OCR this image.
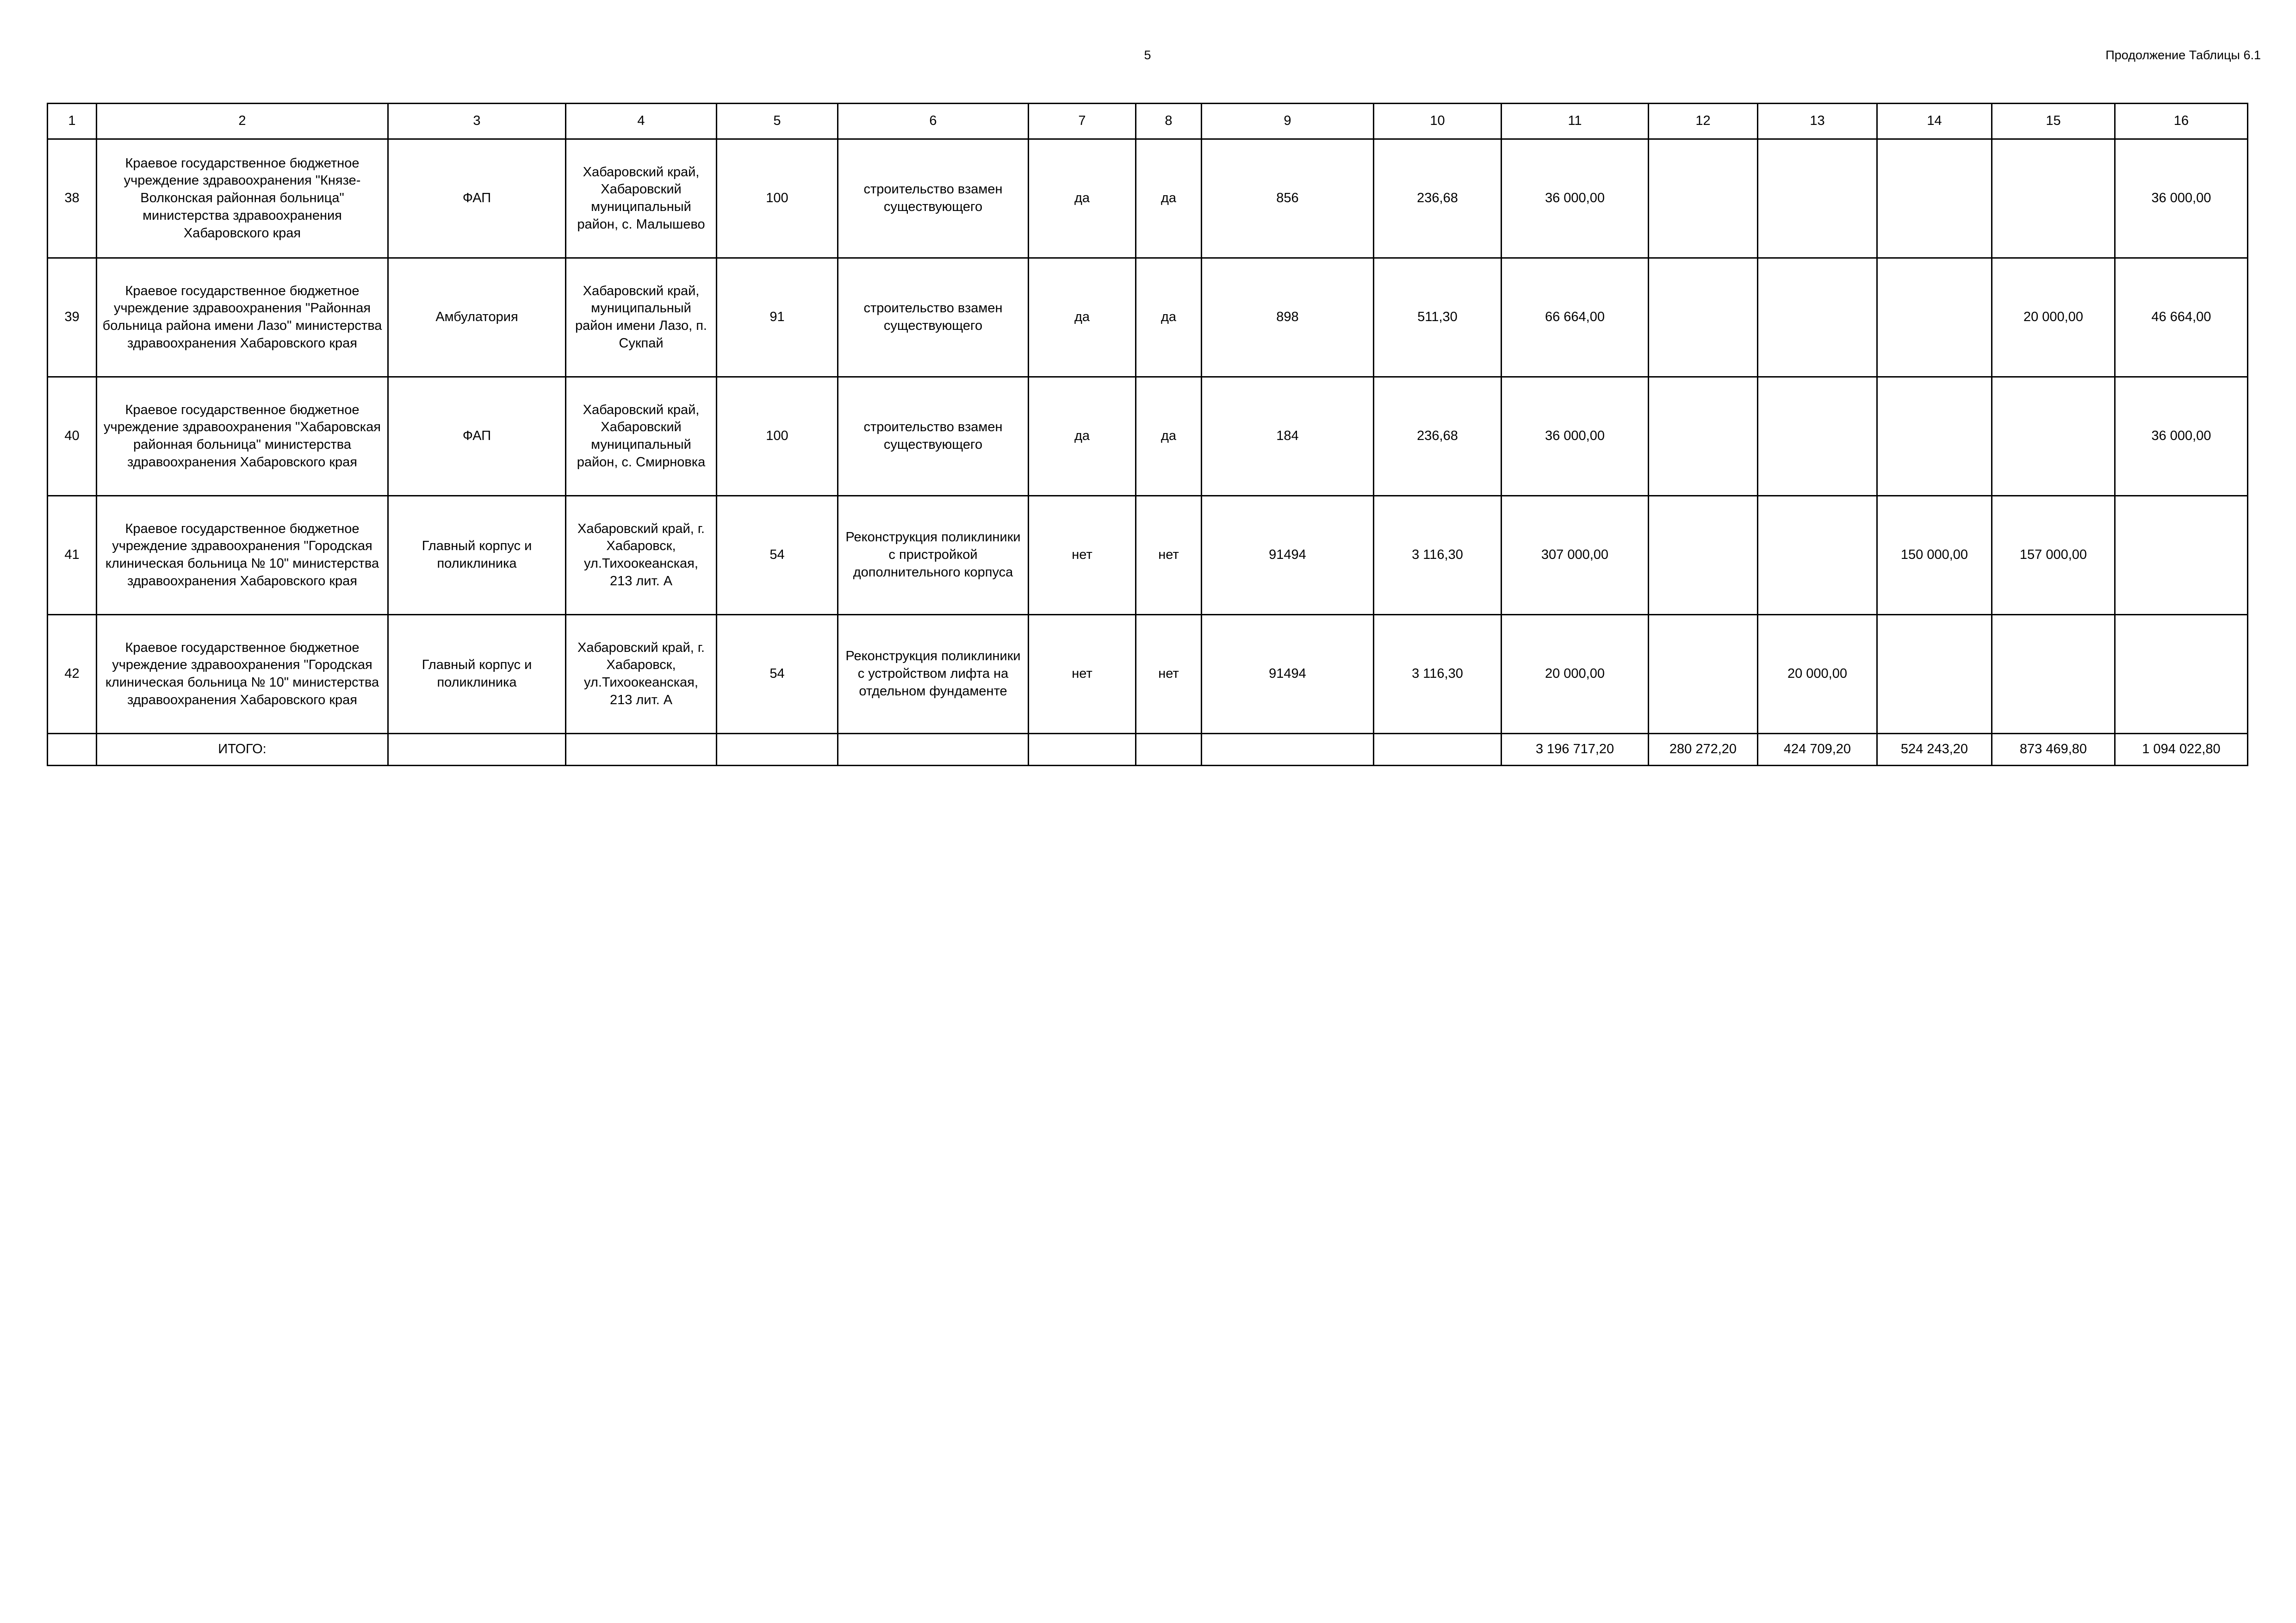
5	Продолжение Таблицы 6.1
1	2	3	4	5	6	7	8	9	10	11	12	13	14	15	16
38	Краевое государственное бюджетное учреждение здравоохранения "Князе-Волконская районная больница" министерства здравоохранения Хабаровского края	ФАП	Хабаровский край, Хабаровский муниципальный район, с. Малышево	100	строительство взамен существующего	да	да	856	236,68	36 000,00					36 000,00
39	Краевое государственное бюджетное учреждение здравоохранения "Районная больница района имени Лазо" министерства здравоохранения Хабаровского края	Амбулатория	Хабаровский край, муниципальный район имени Лазо, п. Сукпай	91	строительство взамен существующего	да	да	898	511,30	66 664,00				20 000,00	46 664,00
40	Краевое государственное бюджетное учреждение здравоохранения "Хабаровская районная больница" министерства здравоохранения Хабаровского края	ФАП	Хабаровский край, Хабаровский муниципальный район, с. Смирновка	100	строительство взамен существующего	да	да	184	236,68	36 000,00					36 000,00
41	Краевое государственное бюджетное учреждение здравоохранения "Городская клиническая больница № 10" министерства здравоохранения Хабаровского края	Главный корпус и поликлиника	Хабаровский край, г. Хабаровск, ул.Тихоокеанская, 213 лит. А	54	Реконструкция поликлиники с пристройкой дополнительного корпуса	нет	нет	91494	3 116,30	307 000,00			150 000,00	157 000,00	
42	Краевое государственное бюджетное учреждение здравоохранения "Городская клиническая больница № 10" министерства здравоохранения Хабаровского края	Главный корпус и поликлиника	Хабаровский край, г. Хабаровск, ул.Тихоокеанская, 213 лит. А	54	Реконструкция поликлиники с устройством лифта на отдельном фундаменте	нет	нет	91494	3 116,30	20 000,00		20 000,00			
	ИТОГО:									3 196 717,20	280 272,20	424 709,20	524 243,20	873 469,80	1 094 022,80
